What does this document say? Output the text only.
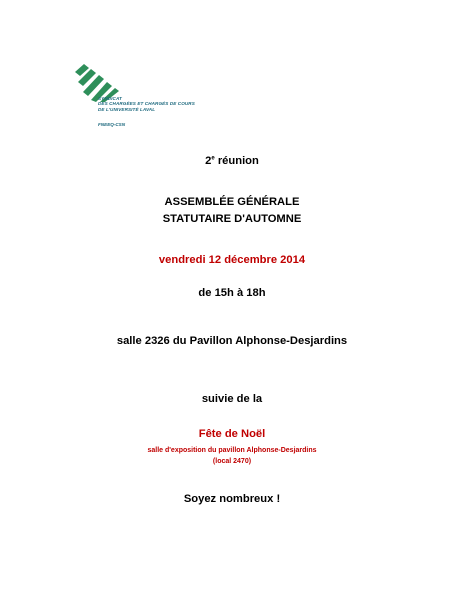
SYNDICAT
DES CHARGÉES ET CHARGÉS DE COURS
DE L'UNIVERSITÉ LAVAL
FNEEQ-CSN
2e réunion
ASSEMBLÉE GÉNÉRALE
STATUTAIRE D'AUTOMNE
vendredi 12 décembre 2014
de 15h à 18h
salle 2326 du Pavillon Alphonse-Desjardins
suivie de la
Fête de Noël
salle d'exposition du pavillon Alphonse-Desjardins
(local 2470)
Soyez nombreux !
